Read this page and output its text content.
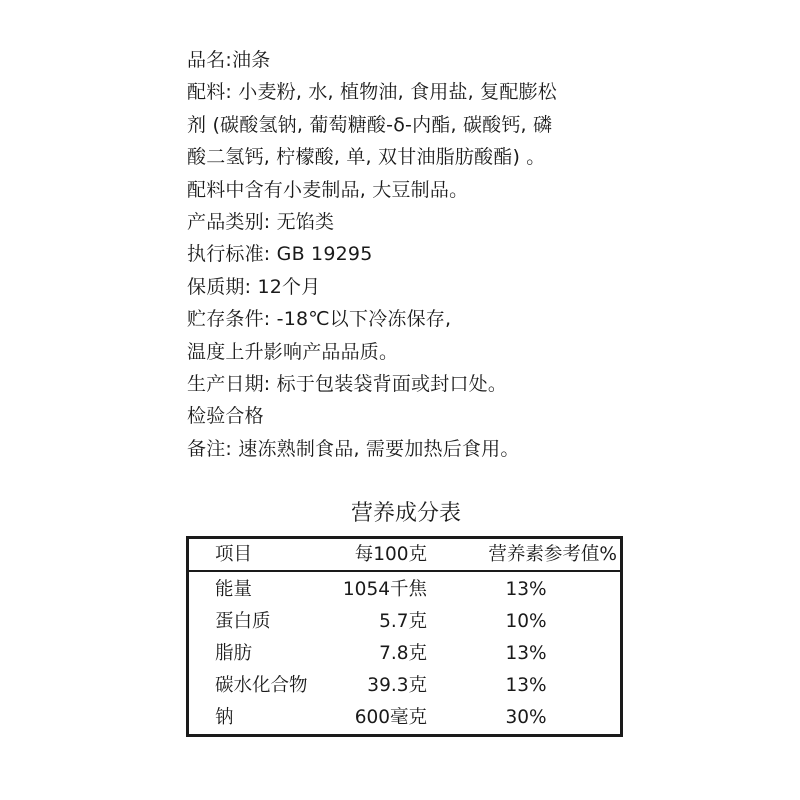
品名:油条
配料: 小麦粉, 水, 植物油, 食用盐, 复配膨松
剂 (碳酸氢钠, 葡萄糖酸-δ-内酯, 碳酸钙, 磷
酸二氢钙, 柠檬酸, 单, 双甘油脂肪酸酯) 。
配料中含有小麦制品, 大豆制品。
产品类别: 无馅类
执行标准: GB 19295
保质期: 12个月
贮存条件: -18℃以下冷冻保存,
温度上升影响产品品质。
生产日期: 标于包装袋背面或封口处。
检验合格
备注: 速冻熟制食品, 需要加热后食用。
营养成分表
项目	每100克	营养素参考值%
能量	1054千焦	13%
蛋白质	5.7克	10%
脂肪	7.8克	13%
碳水化合物	39.3克	13%
钠	600毫克	30%
